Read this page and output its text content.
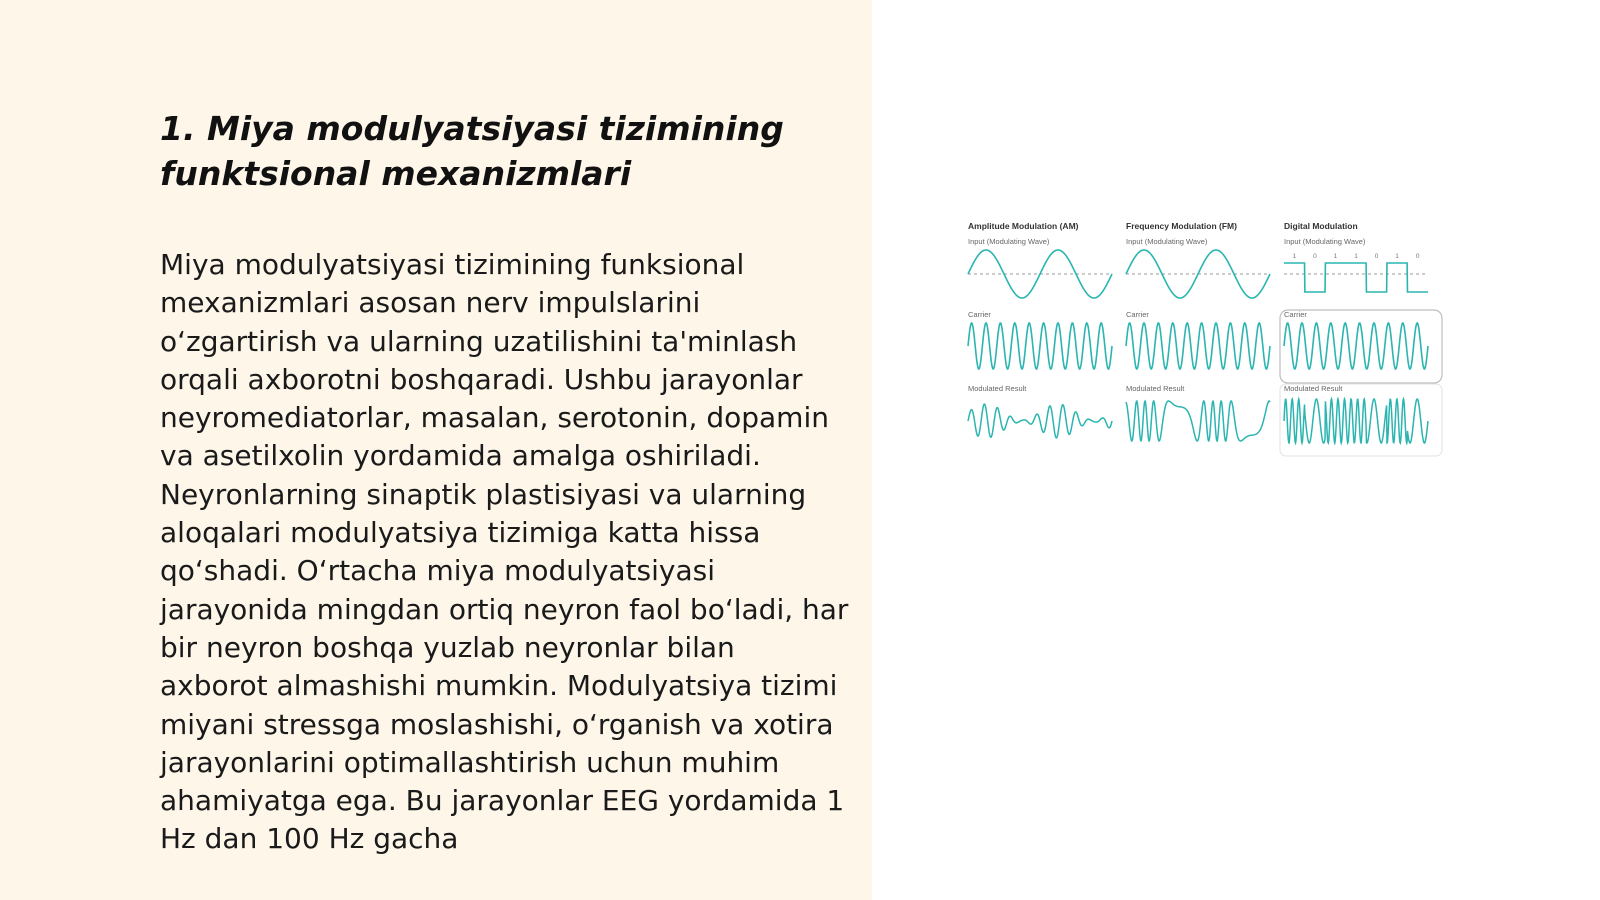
1. Miya modulyatsiyasi tizimining funktsional mexanizmlari

Miya modulyatsiyasi tizimining funksional mexanizmlari asosan nerv impulslarini o‘zgartirish va ularning uzatilishini ta'minlash orqali axborotni boshqaradi. Ushbu jarayonlar neyromediatorlar, masalan, serotonin, dopamin va asetilxolin yordamida amalga oshiriladi. Neyronlarning sinaptik plastisiyasi va ularning aloqalari modulyatsiya tizimiga katta hissa qo‘shadi. O‘rtacha miya modulyatsiyasi jarayonida mingdan ortiq neyron faol bo‘ladi, har bir neyron boshqa yuzlab neyronlar bilan axborot almashishi mumkin. Modulyatsiya tizimi miyani stressga moslashishi, o‘rganish va xotira jarayonlarini optimallashtirish uchun muhim ahamiyatga ega. Bu jarayonlar EEG yordamida 1 Hz dan 100 Hz gacha

Amplitude Modulation (AM)
Input (Modulating Wave)
Carrier
Modulated Result
Frequency Modulation (FM)
Input (Modulating Wave)
Carrier
Modulated Result
Digital Modulation
Input (Modulating Wave)
Carrier
Modulated Result
1	0	1	1	0	1	0
